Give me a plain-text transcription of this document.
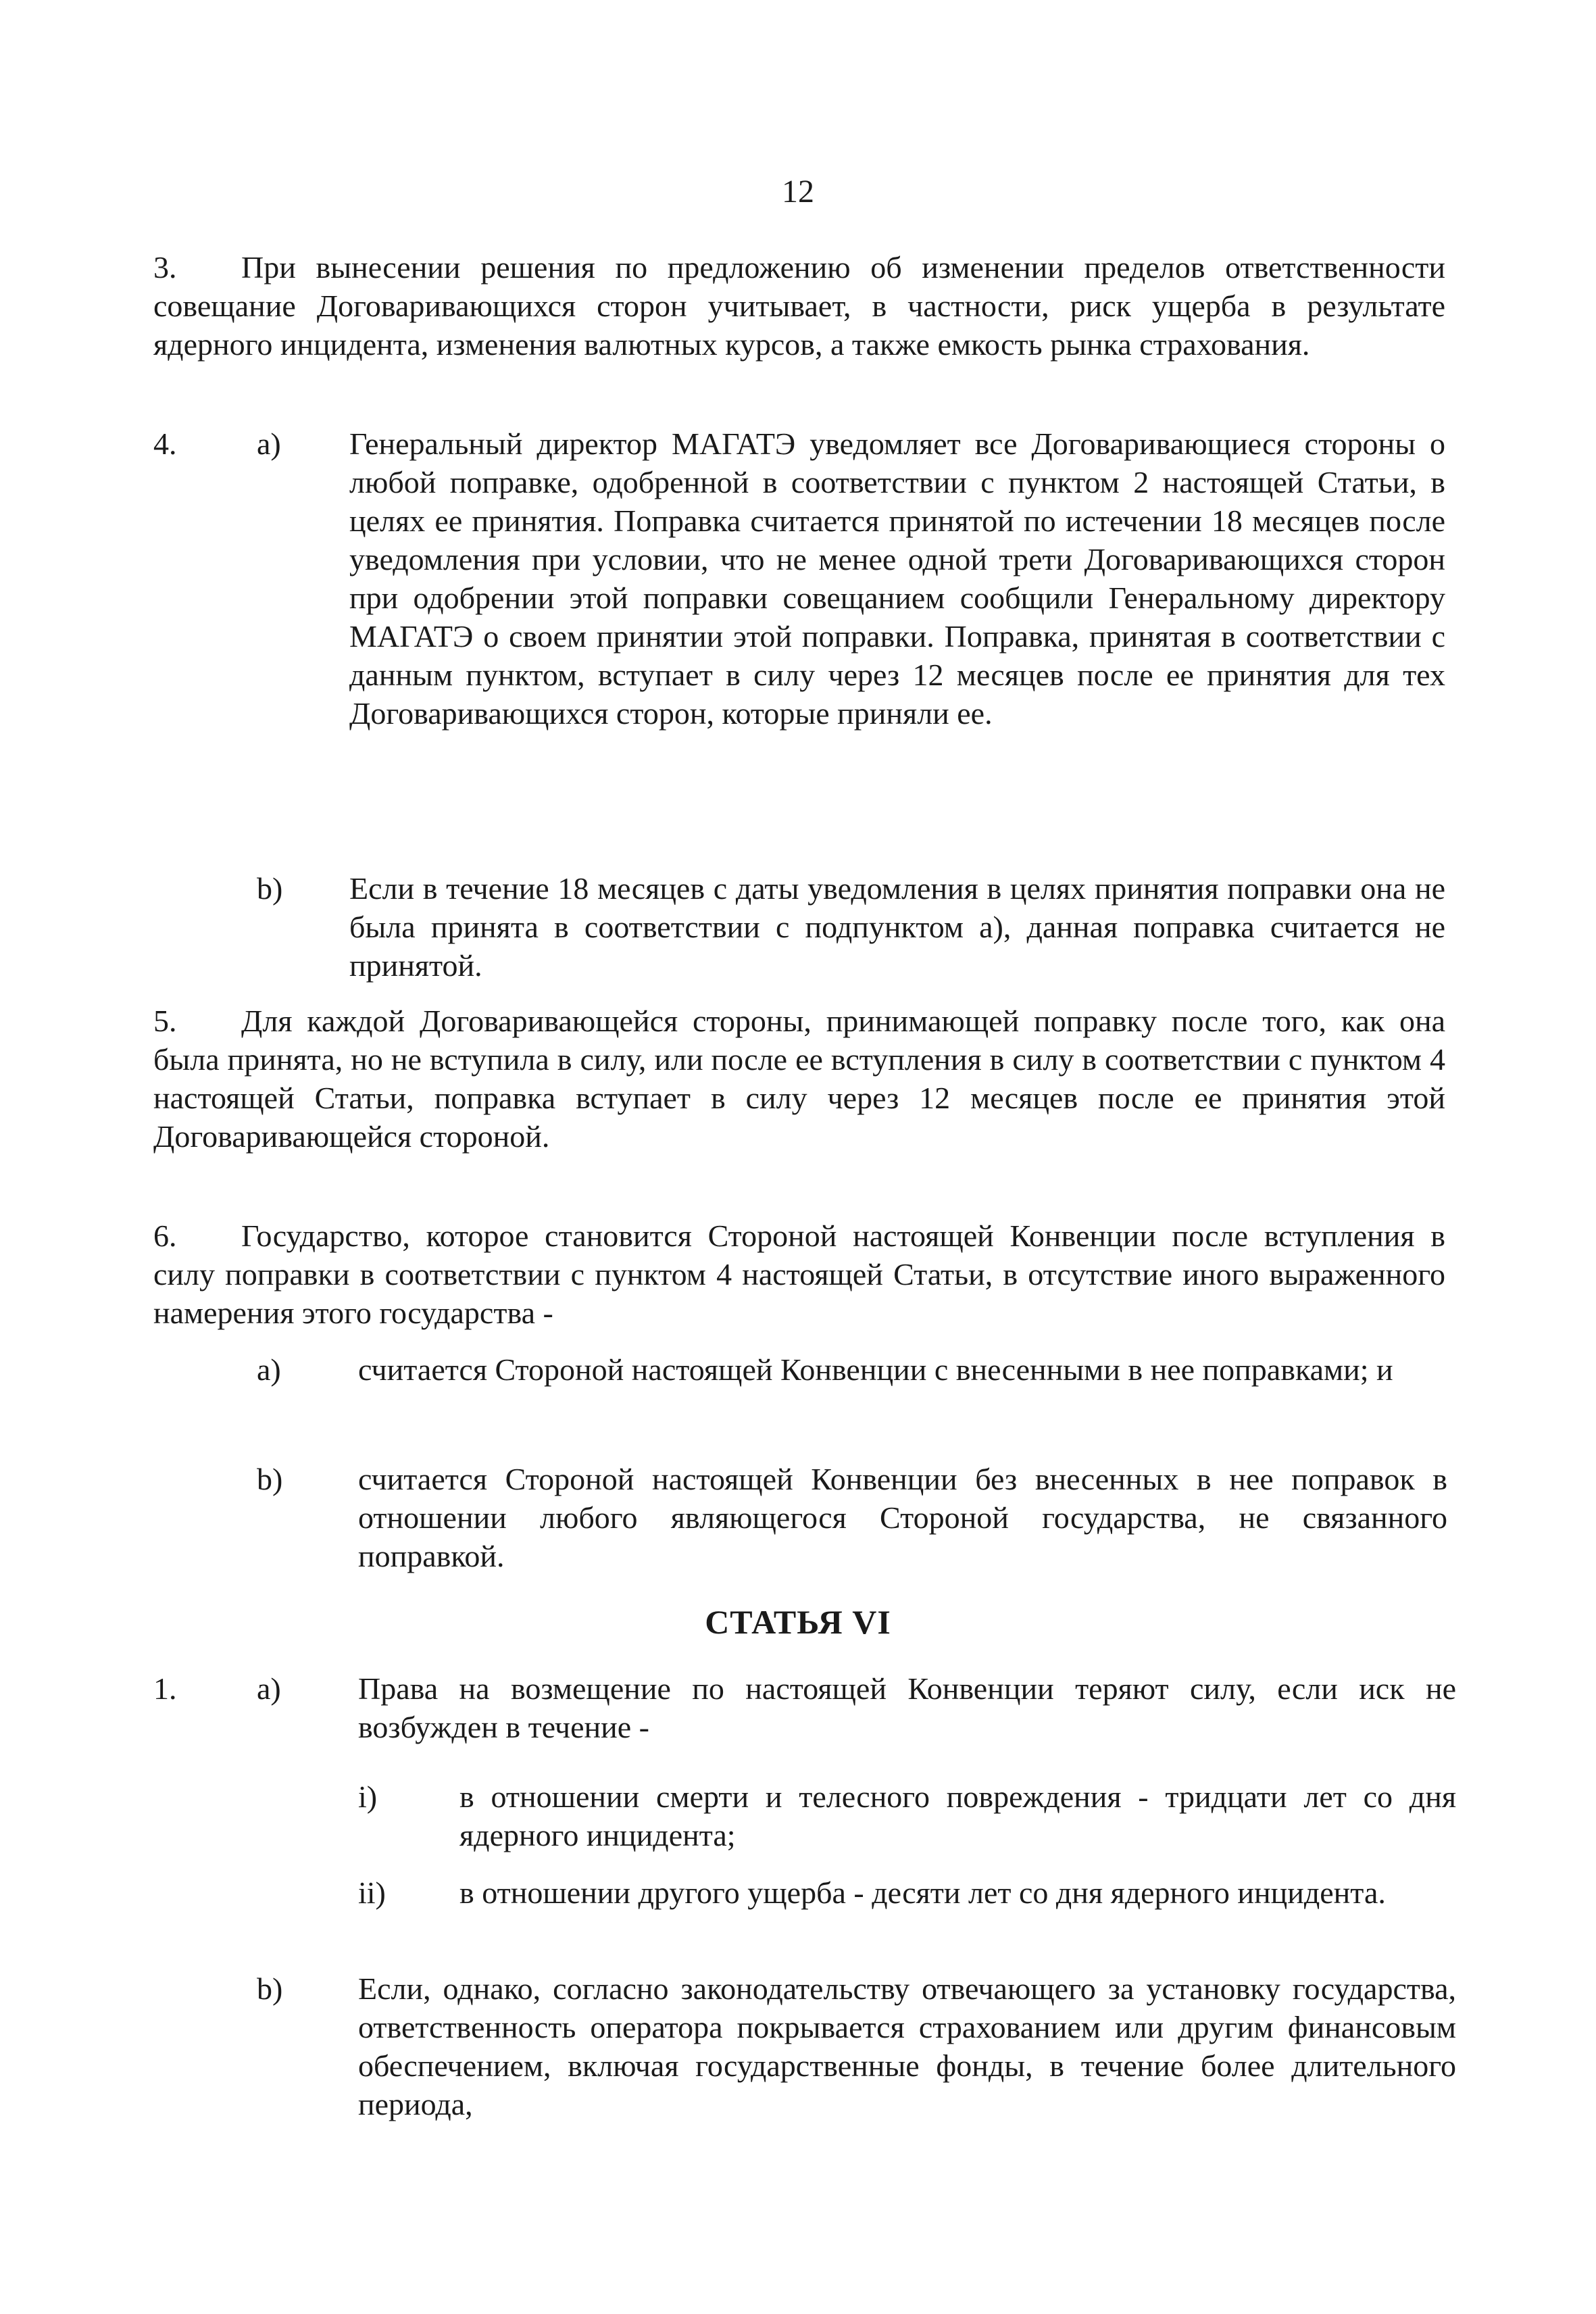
12
3. При вынесении решения по предложению об изменении пределов ответственности совещание Договаривающихся сторон учитывает, в частности, риск ущерба в результате ядерного инцидента, изменения валютных курсов, а также емкость рынка страхования.
4.	a) Генеральный директор МАГАТЭ уведомляет все Договаривающиеся стороны о любой поправке, одобренной в соответствии с пунктом 2 настоящей Статьи, в целях ее принятия. Поправка считается принятой по истечении 18 месяцев после уведомления при условии, что не менее одной трети Договаривающихся сторон при одобрении этой поправки совещанием сообщили Генеральному директору МАГАТЭ о своем принятии этой поправки. Поправка, принятая в соответствии с данным пунктом, вступает в силу через 12 месяцев после ее принятия для тех Договаривающихся сторон, которые приняли ее.
b) Если в течение 18 месяцев с даты уведомления в целях принятия поправки она не была принята в соответствии с подпунктом а), данная поправка считается не принятой.
5. Для каждой Договаривающейся стороны, принимающей поправку после того, как она была принята, но не вступила в силу, или после ее вступления в силу в соответствии с пунктом 4 настоящей Статьи, поправка вступает в силу через 12 месяцев после ее принятия этой Договаривающейся стороной.
6. Государство, которое становится Стороной настоящей Конвенции после вступления в силу поправки в соответствии с пунктом 4 настоящей Статьи, в отсутствие иного выраженного намерения этого государства -
a) считается Стороной настоящей Конвенции с внесенными в нее поправками; и
b) считается Стороной настоящей Конвенции без внесенных в нее поправок в отношении любого являющегося Стороной государства, не связанного поправкой.
СТАТЬЯ VI
1.	a) Права на возмещение по настоящей Конвенции теряют силу, если иск не возбужден в течение -
i)	в отношении смерти и телесного повреждения - тридцати лет со дня ядерного инцидента;
ii) в отношении другого ущерба - десяти лет со дня ядерного инцидента.
b) Если, однако, согласно законодательству отвечающего за установку государства, ответственность оператора покрывается страхованием или другим финансовым обеспечением, включая государственные фонды, в течение более длительного периода,
